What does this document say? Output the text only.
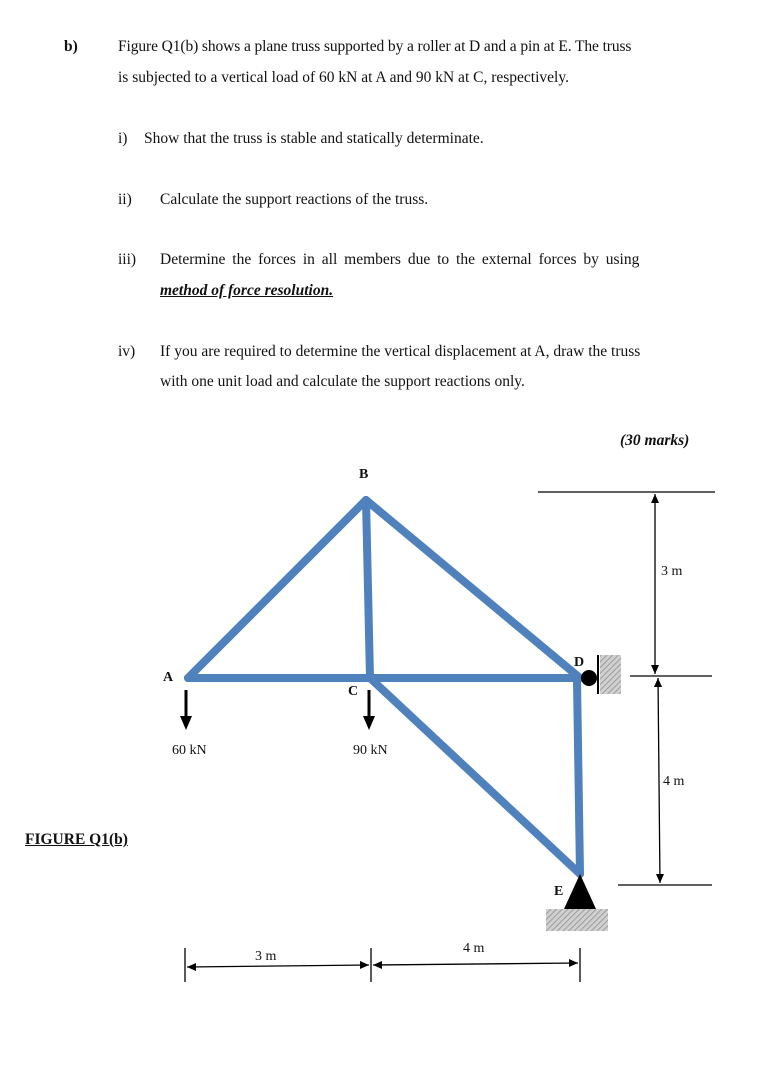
b)	Figure Q1(b) shows a plane truss supported by a roller at D and a pin at E. The truss
is subjected to a vertical load of 60 kN at A and 90 kN at C, respectively.
i) Show that the truss is stable and statically determinate.
ii) Calculate the support reactions of the truss.
iii) Determine the forces in all members due to the external forces by using
method of force resolution.
iv) If you are required to determine the vertical displacement at A, draw the truss
with one unit load and calculate the support reactions only.
(30 marks)
FIGURE Q1(b)
B
A
C
D
E
60 kN	90 kN
3 m
4 m
3 m
4 m
